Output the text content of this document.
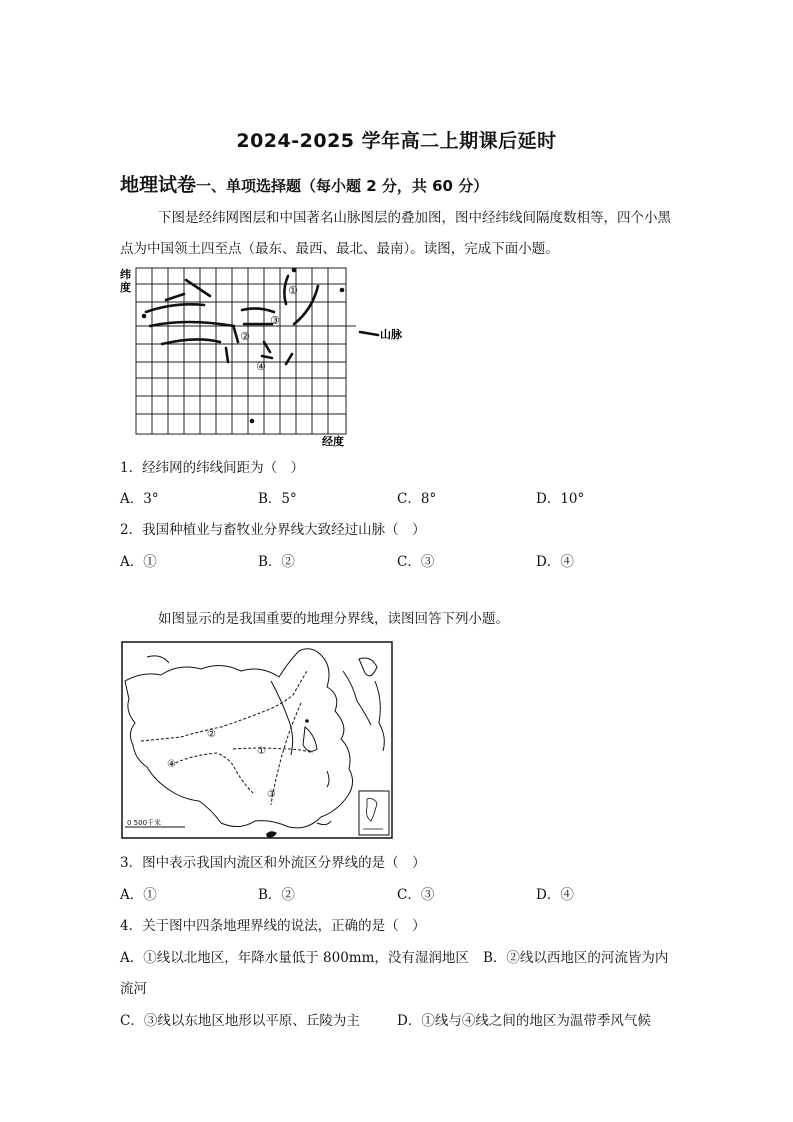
2024-2025 学年高二上期课后延时
地理试卷一、单项选择题（每小题 2 分，共 60 分）
下图是经纬网图层和中国著名山脉图层的叠加图，图中经纬线间隔度数相等，四个小黑
点为中国领土四至点（最东、最西、最北、最南）。读图，完成下面小题。
①
②
③
④
纬
度
经度
山脉
1．经纬网的纬线间距为（　）
A．3°	B．5°	C．8°	D．10°
2．我国种植业与畜牧业分界线大致经过山脉（　）
A．①	B．②	C．③	D．④
如图显示的是我国重要的地理分界线，读图回答下列小题。
①
②
③
④
0 500千米
3．图中表示我国内流区和外流区分界线的是（　）
A．①	B．②	C．③	D．④
4．关于图中四条地理界线的说法，正确的是（　）
A．①线以北地区，年降水量低于 800mm，没有湿润地区 B．②线以西地区的河流皆为内
流河
C．③线以东地区地形以平原、丘陵为主	D．①线与④线之间的地区为温带季风气候
